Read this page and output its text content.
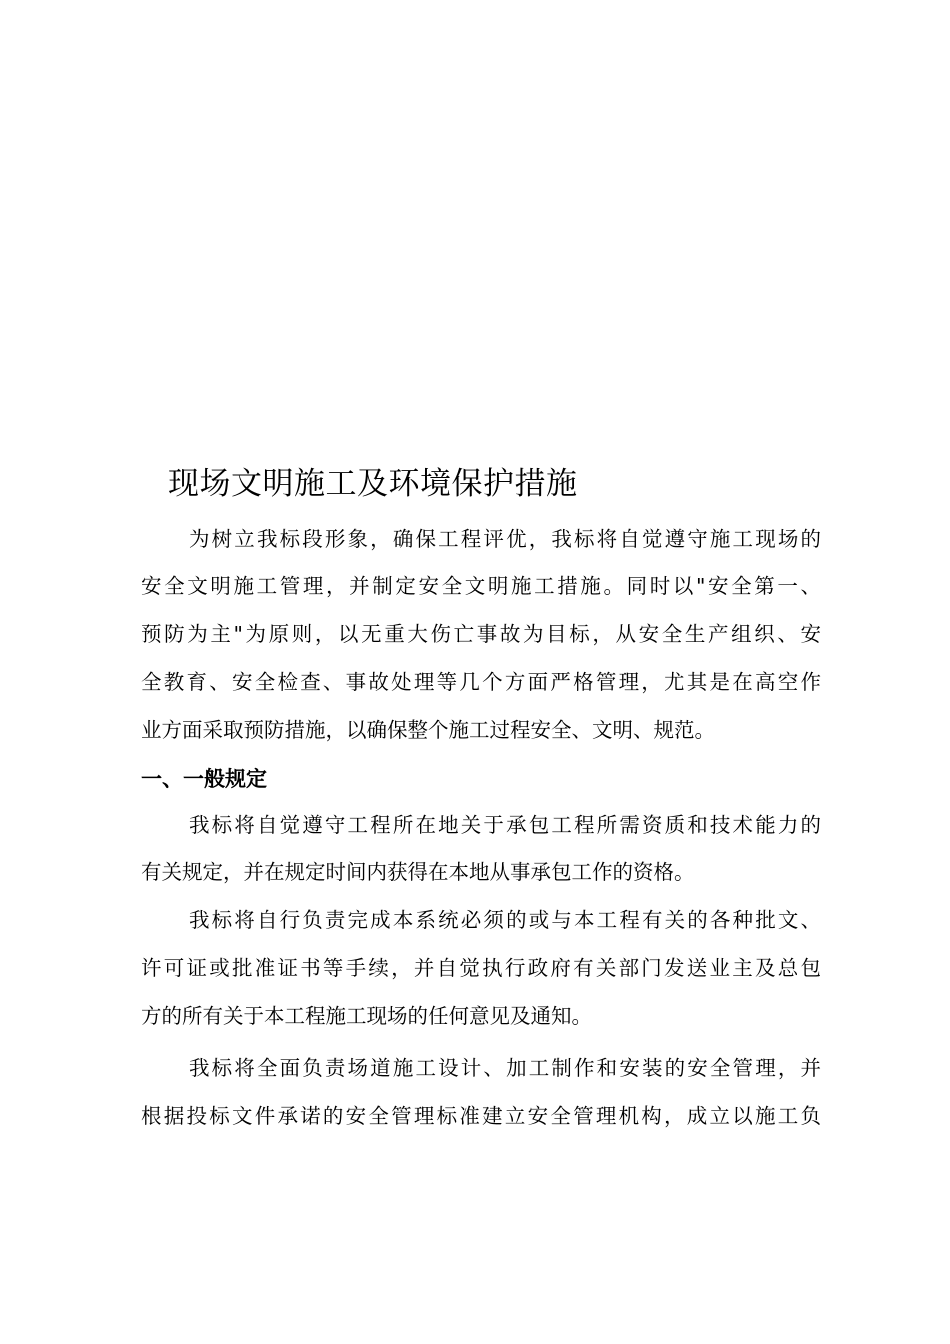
现场文明施工及环境保护措施
为树立我标段形象，确保工程评优，我标将自觉遵守施工现场的
安全文明施工管理，并制定安全文明施工措施。同时以"安全第一、
预防为主"为原则，以无重大伤亡事故为目标，从安全生产组织、安
全教育、安全检查、事故处理等几个方面严格管理，尤其是在高空作
业方面采取预防措施，以确保整个施工过程安全、文明、规范。
一、一般规定
我标将自觉遵守工程所在地关于承包工程所需资质和技术能力的
有关规定，并在规定时间内获得在本地从事承包工作的资格。
我标将自行负责完成本系统必须的或与本工程有关的各种批文、
许可证或批准证书等手续，并自觉执行政府有关部门发送业主及总包
方的所有关于本工程施工现场的任何意见及通知。
我标将全面负责场道施工设计、加工制作和安装的安全管理，并
根据投标文件承诺的安全管理标准建立安全管理机构，成立以施工负
